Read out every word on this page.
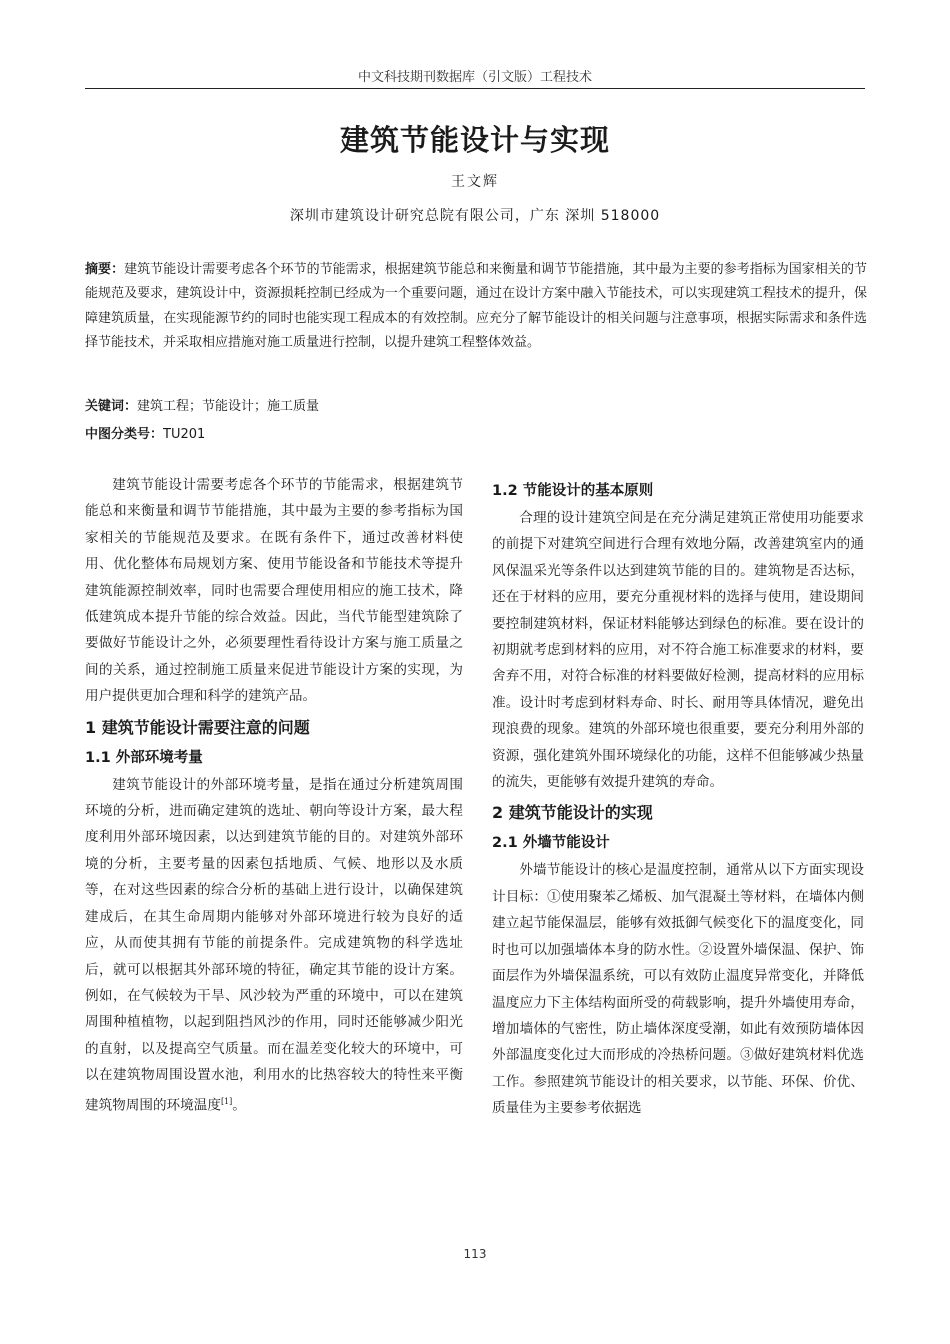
中文科技期刊数据库（引文版）工程技术
建筑节能设计与实现
王文辉
深圳市建筑设计研究总院有限公司，广东 深圳 518000
摘要：建筑节能设计需要考虑各个环节的节能需求，根据建筑节能总和来衡量和调节节能措施，其中最为主要的参考指标为国家相关的节能规范及要求，建筑设计中，资源损耗控制已经成为一个重要问题，通过在设计方案中融入节能技术，可以实现建筑工程技术的提升，保障建筑质量，在实现能源节约的同时也能实现工程成本的有效控制。应充分了解节能设计的相关问题与注意事项，根据实际需求和条件选择节能技术，并采取相应措施对施工质量进行控制，以提升建筑工程整体效益。
关键词：建筑工程；节能设计；施工质量
中图分类号：TU201

建筑节能设计需要考虑各个环节的节能需求，根据建筑节能总和来衡量和调节节能措施，其中最为主要的参考指标为国家相关的节能规范及要求。在既有条件下，通过改善材料使用、优化整体布局规划方案、使用节能设备和节能技术等提升建筑能源控制效率，同时也需要合理使用相应的施工技术，降低建筑成本提升节能的综合效益。因此，当代节能型建筑除了要做好节能设计之外，必须要理性看待设计方案与施工质量之间的关系，通过控制施工质量来促进节能设计方案的实现，为用户提供更加合理和科学的建筑产品。

1 建筑节能设计需要注意的问题
1.1 外部环境考量

建筑节能设计的外部环境考量，是指在通过分析建筑周围环境的分析，进而确定建筑的选址、朝向等设计方案，最大程度利用外部环境因素，以达到建筑节能的目的。对建筑外部环境的分析，主要考量的因素包括地质、气候、地形以及水质等，在对这些因素的综合分析的基础上进行设计，以确保建筑建成后，在其生命周期内能够对外部环境进行较为良好的适应，从而使其拥有节能的前提条件。完成建筑物的科学选址后，就可以根据其外部环境的特征，确定其节能的设计方案。例如，在气候较为干旱、风沙较为严重的环境中，可以在建筑周围种植植物，以起到阻挡风沙的作用，同时还能够减少阳光的直射，以及提高空气质量。而在温差变化较大的环境中，可以在建筑物周围设置水池，利用水的比热容较大的特性来平衡建筑物周围的环境温度[1]。

1.2 节能设计的基本原则

合理的设计建筑空间是在充分满足建筑正常使用功能要求的前提下对建筑空间进行合理有效地分隔，改善建筑室内的通风保温采光等条件以达到建筑节能的目的。建筑物是否达标，还在于材料的应用，要充分重视材料的选择与使用，建设期间要控制建筑材料，保证材料能够达到绿色的标准。要在设计的初期就考虑到材料的应用，对不符合施工标准要求的材料，要舍弃不用，对符合标准的材料要做好检测，提高材料的应用标准。设计时考虑到材料寿命、时长、耐用等具体情况，避免出现浪费的现象。建筑的外部环境也很重要，要充分利用外部的资源，强化建筑外围环境绿化的功能，这样不但能够减少热量的流失，更能够有效提升建筑的寿命。

2 建筑节能设计的实现
2.1 外墙节能设计

外墙节能设计的核心是温度控制，通常从以下方面实现设计目标：①使用聚苯乙烯板、加气混凝土等材料，在墙体内侧建立起节能保温层，能够有效抵御气候变化下的温度变化，同时也可以加强墙体本身的防水性。②设置外墙保温、保护、饰面层作为外墙保温系统，可以有效防止温度异常变化，并降低温度应力下主体结构面所受的荷载影响，提升外墙使用寿命，增加墙体的气密性，防止墙体深度受潮，如此有效预防墙体因外部温度变化过大而形成的冷热桥问题。③做好建筑材料优选工作。参照建筑节能设计的相关要求，以节能、环保、价优、质量佳为主要参考依据选

113
